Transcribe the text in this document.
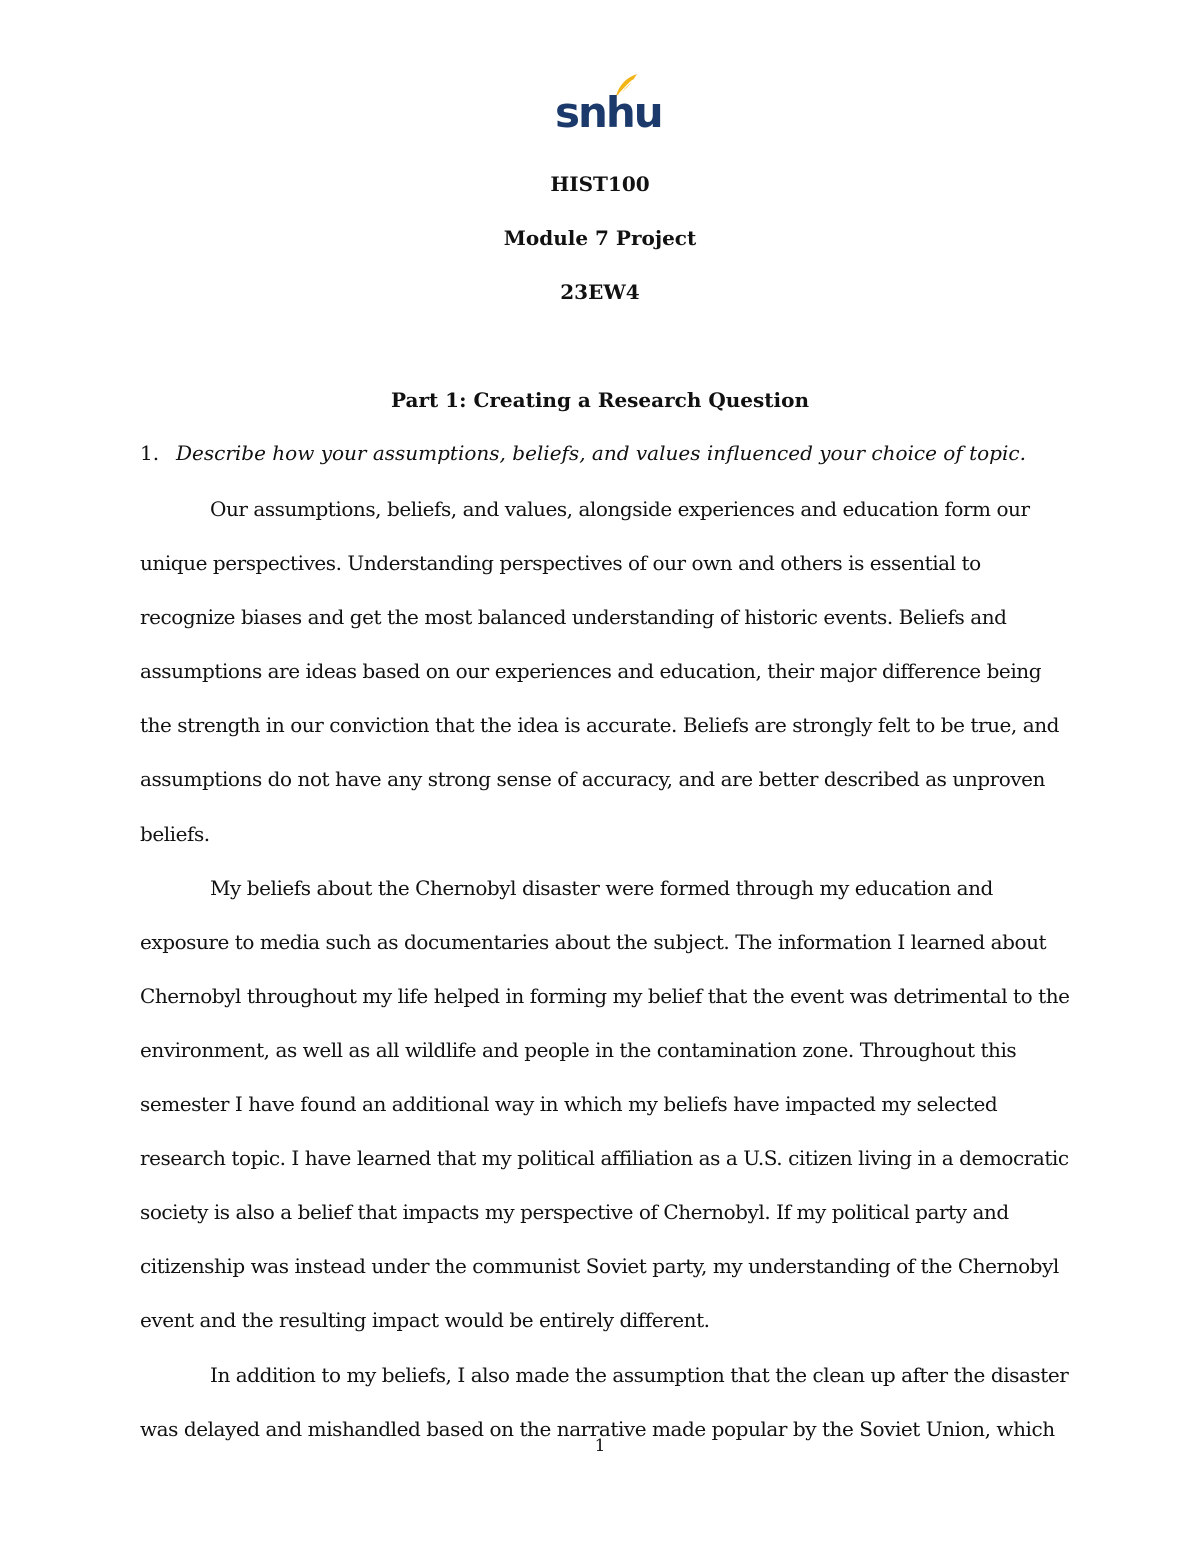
snhu
HIST100
Module 7 Project
23EW4
Part 1: Creating a Research Question
1. Describe how your assumptions, beliefs, and values influenced your choice of topic.

Our assumptions, beliefs, and values, alongside experiences and education form our unique perspectives. Understanding perspectives of our own and others is essential to recognize biases and get the most balanced understanding of historic events. Beliefs and assumptions are ideas based on our experiences and education, their major difference being the strength in our conviction that the idea is accurate. Beliefs are strongly felt to be true, and assumptions do not have any strong sense of accuracy, and are better described as unproven beliefs.

My beliefs about the Chernobyl disaster were formed through my education and exposure to media such as documentaries about the subject. The information I learned about Chernobyl throughout my life helped in forming my belief that the event was detrimental to the environment, as well as all wildlife and people in the contamination zone. Throughout this semester I have found an additional way in which my beliefs have impacted my selected research topic. I have learned that my political affiliation as a U.S. citizen living in a democratic society is also a belief that impacts my perspective of Chernobyl. If my political party and citizenship was instead under the communist Soviet party, my understanding of the Chernobyl event and the resulting impact would be entirely different.

In addition to my beliefs, I also made the assumption that the clean up after the disaster was delayed and mishandled based on the narrative made popular by the Soviet Union, which

1
